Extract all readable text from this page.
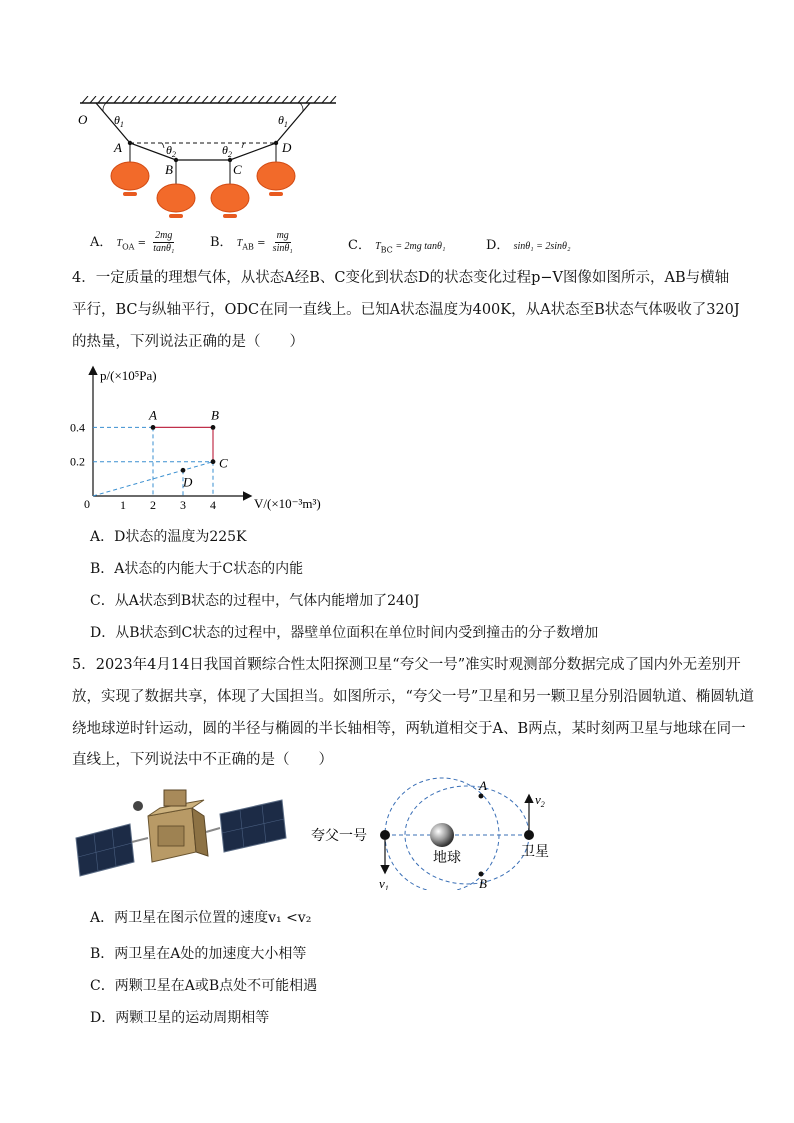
O
A
B	C
D
$\theta_1$	$\theta_1$
$\theta_2$	$\theta_2$
A． $T_{OA} = \frac{2mg}{\text{tanθ₁}}$	B． $T_{AB} = \frac{mg}{\text{sinθ₁}}$	C． $T_{BC} = 2mg$ tanθ₁	D． sinθ₁ = 2sinθ₂
4．一定质量的理想气体，从状态A经B、C变化到状态D的状态变化过程p−V图像如图所示，AB与横轴
平行，BC与纵轴平行，ODC在同一直线上。已知A状态温度为400K，从A状态至B状态气体吸收了320J
的热量，下列说法正确的是（　　）
A	B
C
D
0.4
0.2
1 2 3 4
p/(×10⁵Pa)
V/(×10⁻³m³)
0
A．D状态的温度为225K
B．A状态的内能大于C状态的内能
C．从A状态到B状态的过程中，气体内能增加了240J
D．从B状态到C状态的过程中，器壁单位面积在单位时间内受到撞击的分子数增加
5．2023年4月14日我国首颗综合性太阳探测卫星“夸父一号”准实时观测部分数据完成了国内外无差别开
放，实现了数据共享，体现了大国担当。如图所示，“夸父一号”卫星和另一颗卫星分别沿圆轨道、椭圆轨道
绕地球逆时针运动，圆的半径与椭圆的半长轴相等，两轨道相交于A、B两点，某时刻两卫星与地球在同一
直线上，下列说法中不正确的是（　　）
夸父一号
地球	卫星
A
B
$v_1$
$v_2$
A．两卫星在图示位置的速度v₁ <v₂
B．两卫星在A处的加速度大小相等
C．两颗卫星在A或B点处不可能相遇
D．两颗卫星的运动周期相等
